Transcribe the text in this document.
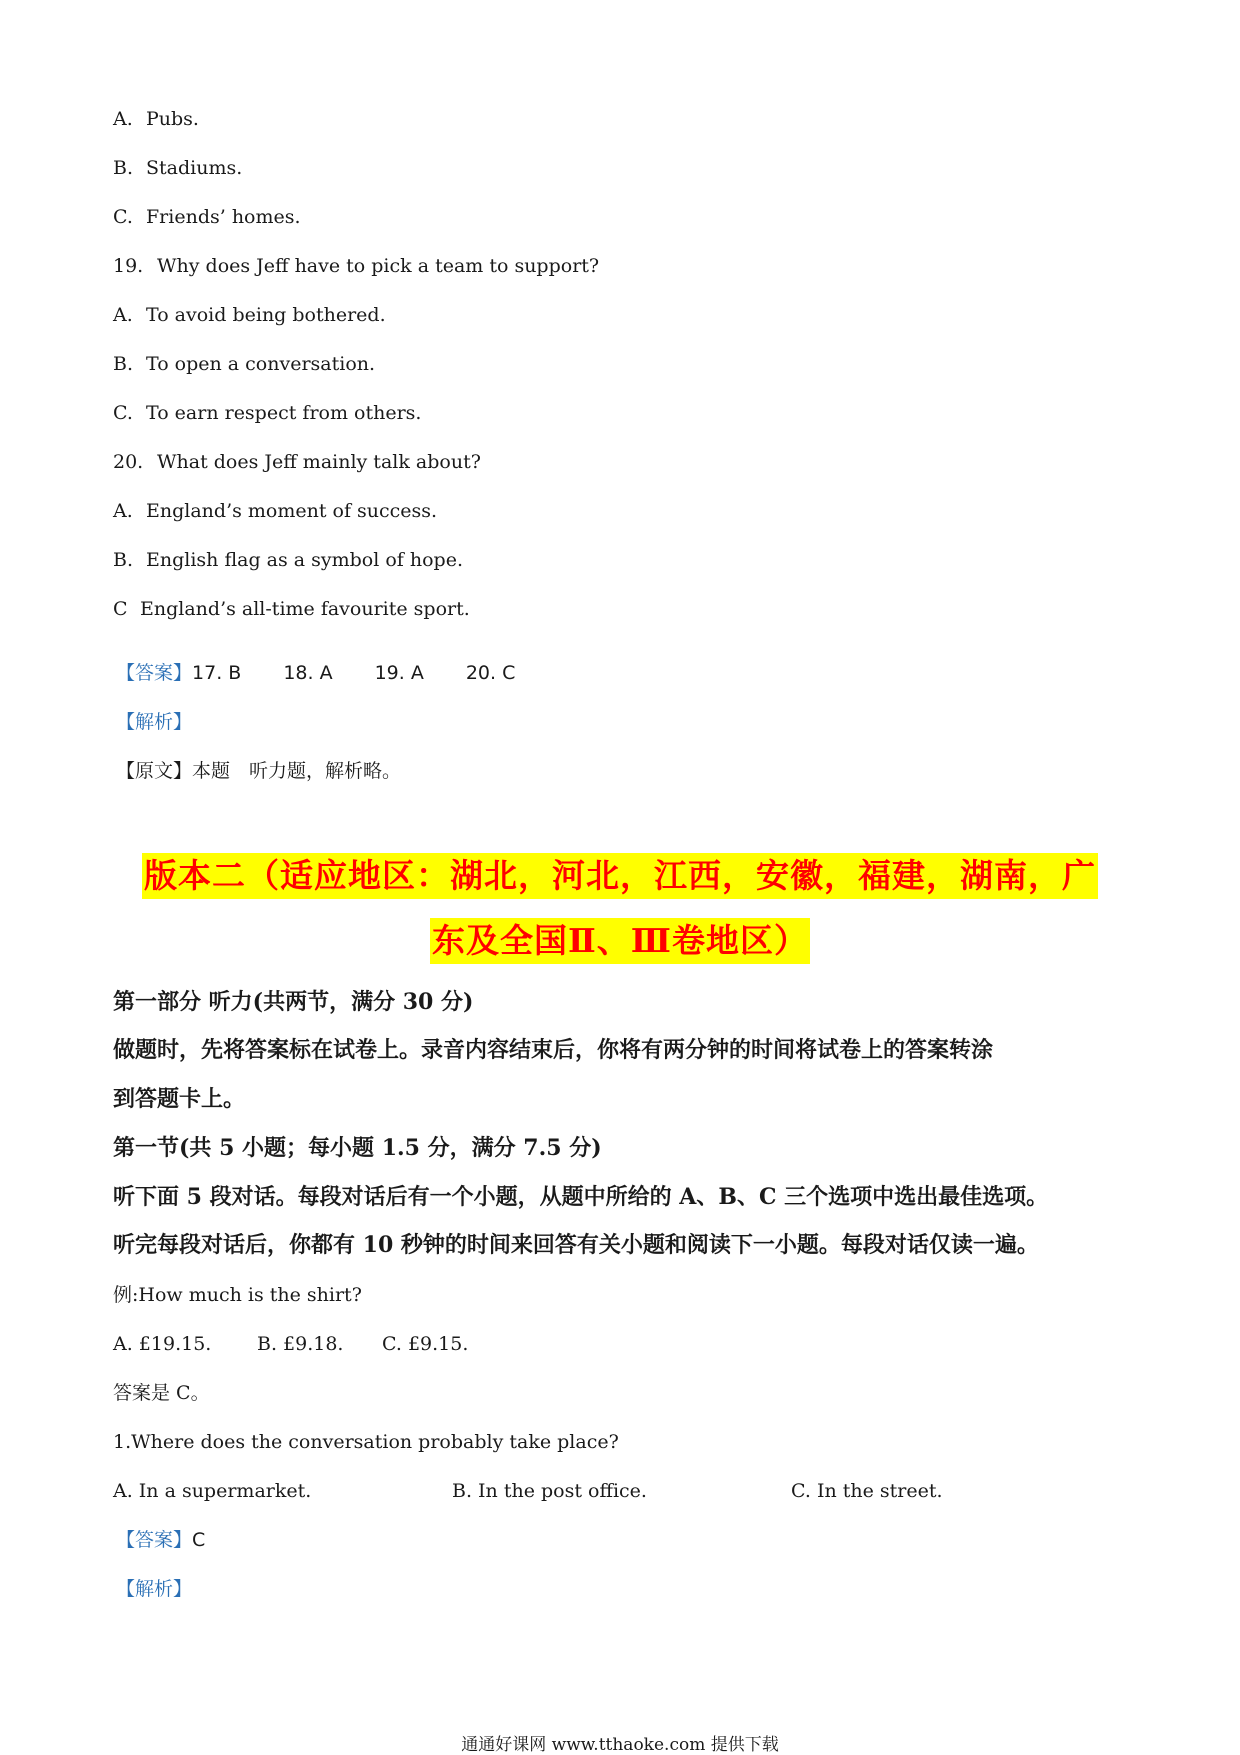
A. Pubs.
B. Stadiums.
C. Friends’ homes.
19. Why does Jeff have to pick a team to support?
A. To avoid being bothered.
B. To open a conversation.
C. To earn respect from others.
20. What does Jeff mainly talk about?
A. England’s moment of success.
B. English flag as a symbol of hope.
C England’s all-time favourite sport.
【答案】17. B 18. A 19. A 20. C
【解析】
【原文】本题　听力题，解析略。
版本二（适应地区：湖北，河北，江西，安徽，福建，湖南，广
东及全国Ⅱ、Ⅲ卷地区）
第一部分 听力(共两节，满分 30 分)
做题时，先将答案标在试卷上。录音内容结束后，你将有两分钟的时间将试卷上的答案转涂
到答题卡上。
第一节(共 5 小题；每小题 1.5 分，满分 7.5 分)
听下面 5 段对话。每段对话后有一个小题，从题中所给的 A、B、C 三个选项中选出最佳选项。
听完每段对话后，你都有 10 秒钟的时间来回答有关小题和阅读下一小题。每段对话仅读一遍。
例:How much is the shirt?
A. £19.15. B. £9.18. C. £9.15.
答案是 C。
1.Where does the conversation probably take place?
A. In a supermarket.	B. In the post office.	C. In the street.
【答案】C
【解析】
通通好课网 www.tthaoke.com 提供下载
